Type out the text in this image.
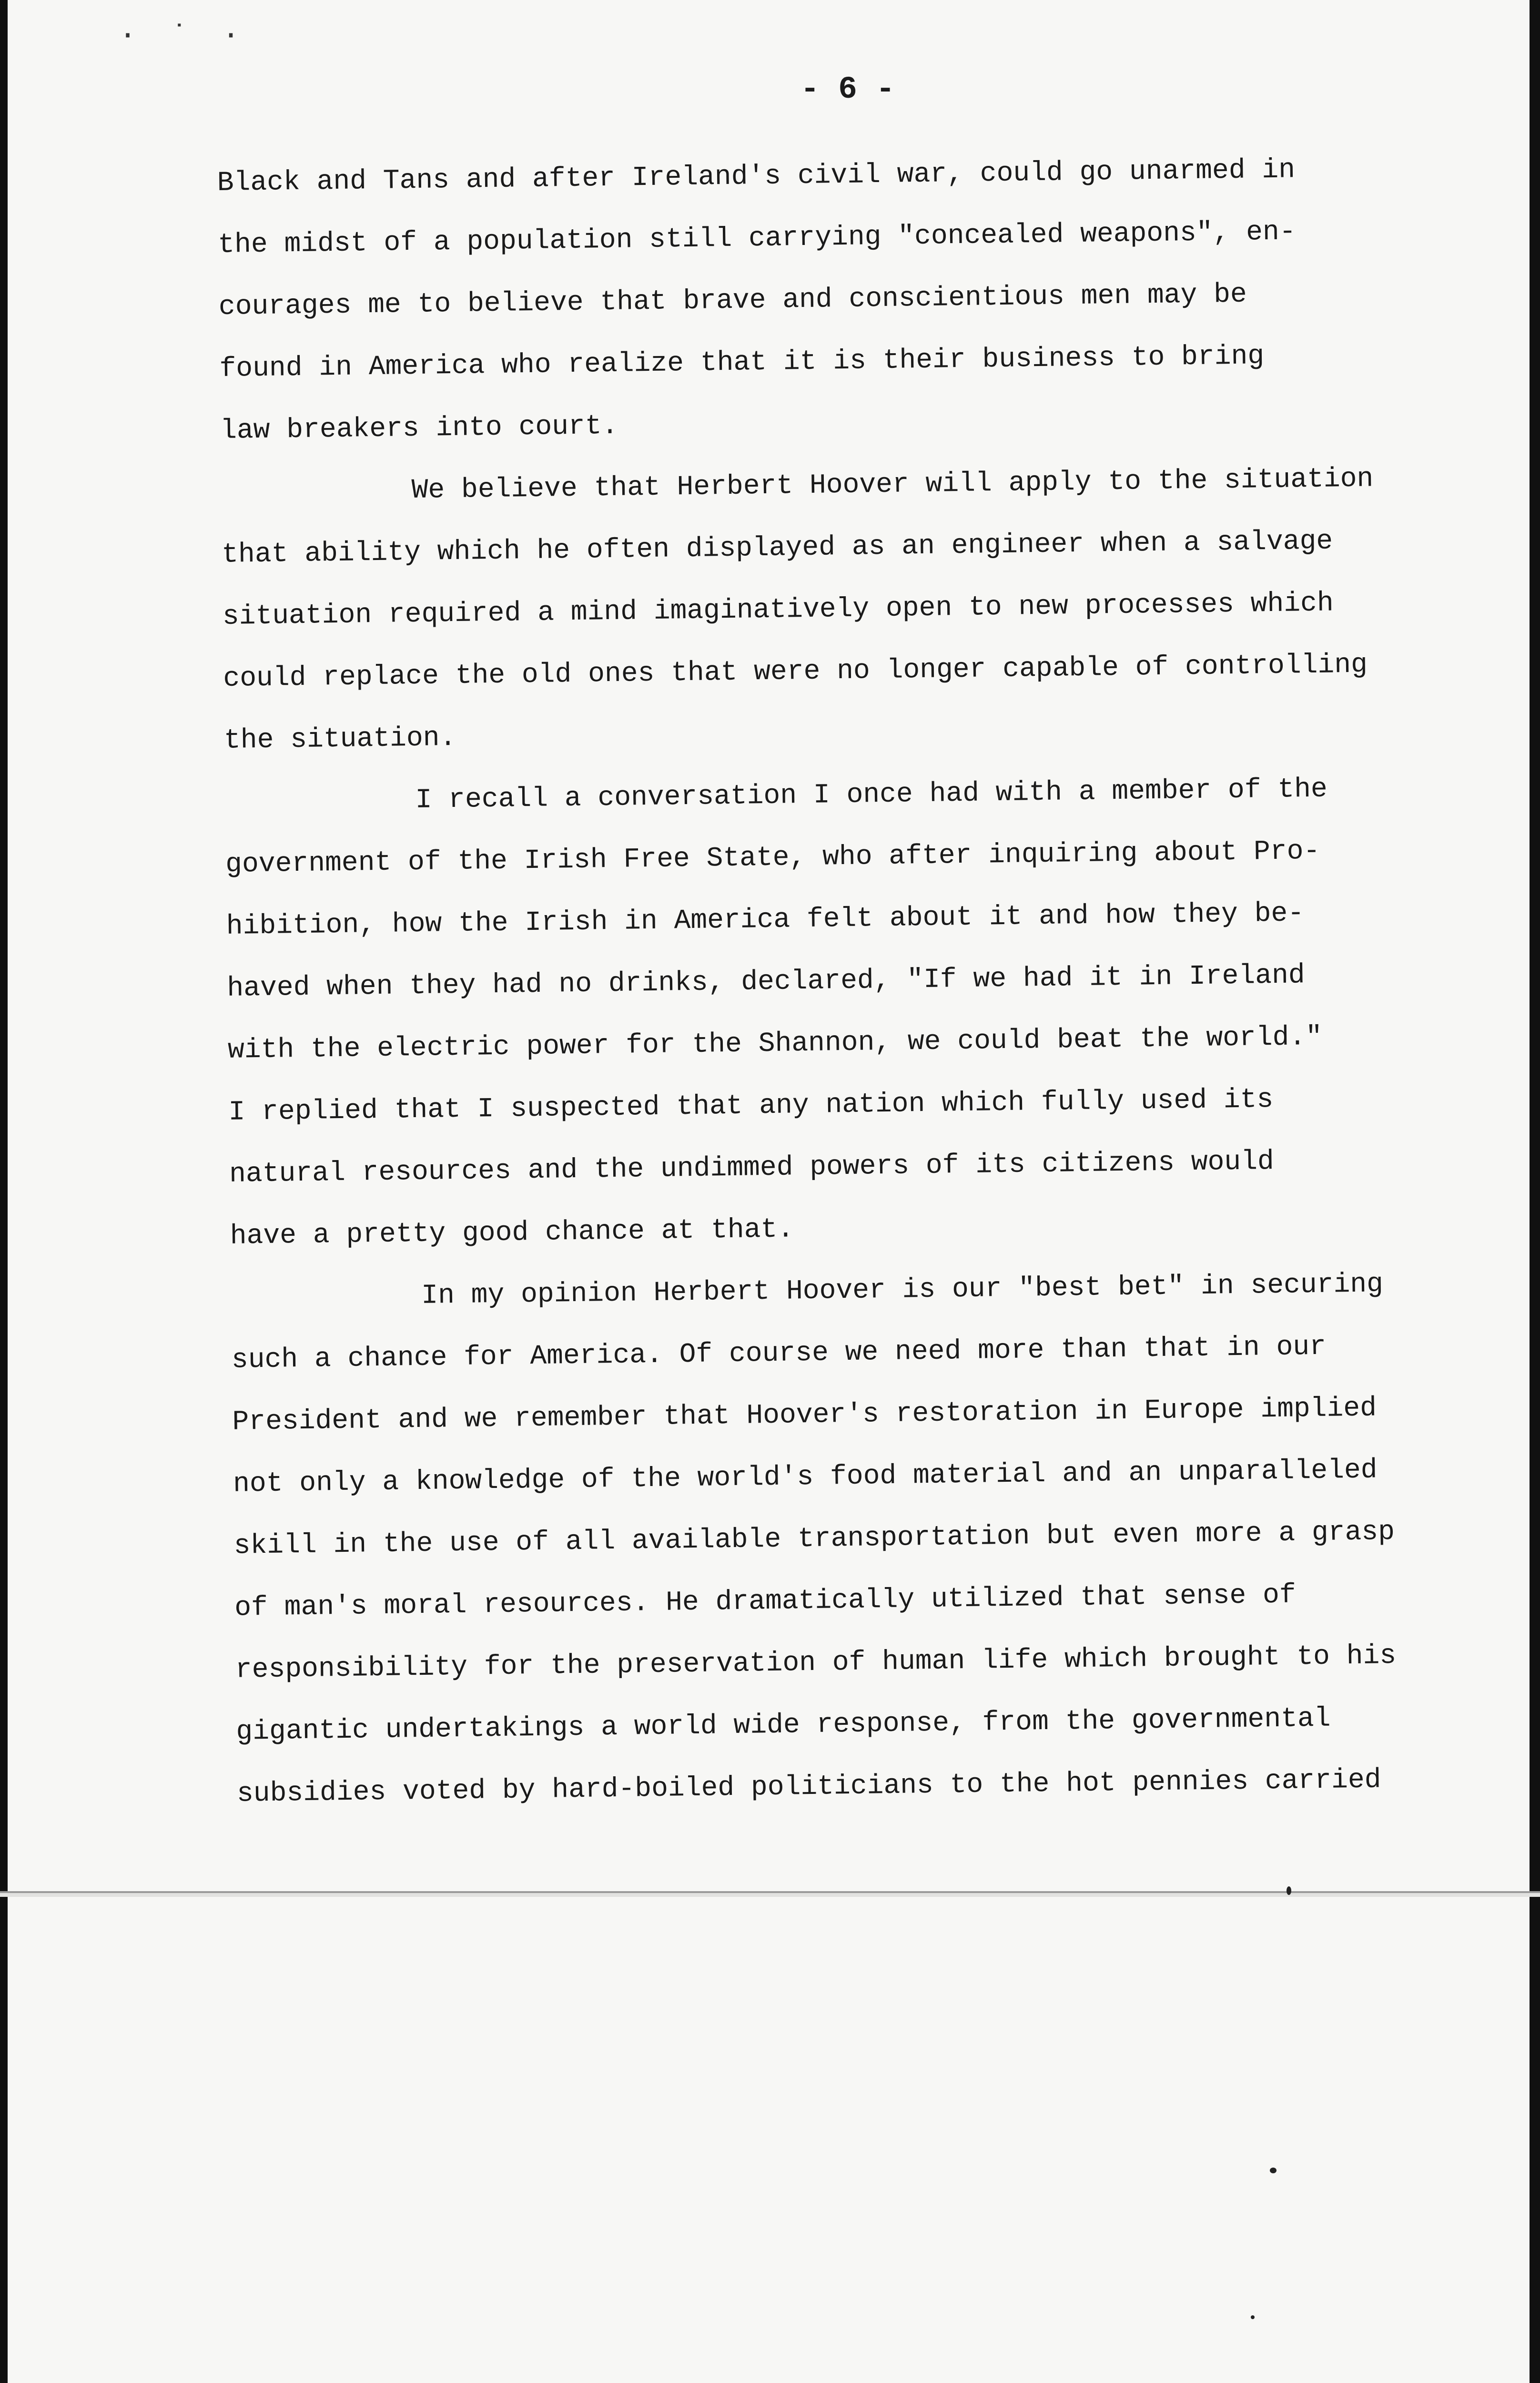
· ˙ ·
- 6 -
Black and Tans and after Ireland's civil war, could go unarmed in
the midst of a population still carrying "concealed weapons", en-
courages me to believe that brave and conscientious men may be
found in America who realize that it is their business to bring
law breakers into court.
We believe that Herbert Hoover will apply to the situation
that ability which he often displayed as an engineer when a salvage
situation required a mind imaginatively open to new processes which
could replace the old ones that were no longer capable of controlling
the situation.
I recall a conversation I once had with a member of the
government of the Irish Free State, who after inquiring about Pro-
hibition, how the Irish in America felt about it and how they be-
haved when they had no drinks, declared, "If we had it in Ireland
with the electric power for the Shannon, we could beat the world."
I replied that I suspected that any nation which fully used its
natural resources and the undimmed powers of its citizens would
have a pretty good chance at that.
In my opinion Herbert Hoover is our "best bet" in securing
such a chance for America. Of course we need more than that in our
President and we remember that Hoover's restoration in Europe implied
not only a knowledge of the world's food material and an unparalleled
skill in the use of all available transportation but even more a grasp
of man's moral resources. He dramatically utilized that sense of
responsibility for the preservation of human life which brought to his
gigantic undertakings a world wide response, from the governmental
subsidies voted by hard-boiled politicians to the hot pennies carried
